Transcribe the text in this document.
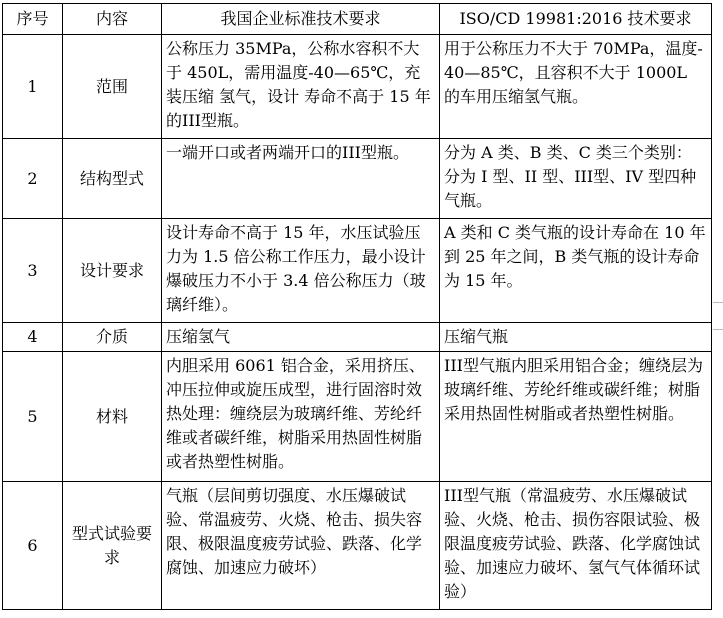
序号	内容	我国企业标准技术要求	ISO/CD 19981:2016 技术要求
1	范围	公称压力 35MPa，公称水容积不大于 450L，需用温度-40—65℃，充装压缩 氢气，设计 寿命不高于 15 年的III型瓶。	用于公称压力不大于 70MPa，温度-40—85℃，且容积不大于 1000L 的车用压缩氢气瓶。
2	结构型式	一端开口或者两端开口的III型瓶。	分为 A 类、B 类、C 类三个类别：分为 I 型、II 型、III型、IV 型四种气瓶。
3	设计要求	设计寿命不高于 15 年，水压试验压力为 1.5 倍公称工作压力，最小设计爆破压力不小于 3.4 倍公称压力（玻璃纤维）。	A 类和 C 类气瓶的设计寿命在 10 年到 25 年之间，B 类气瓶的设计寿命为 15 年。
4	介质	压缩氢气	压缩气瓶
5	材料	内胆采用 6061 铝合金，采用挤压、冲压拉伸或旋压成型，进行固溶时效热处理：缠绕层为玻璃纤维、芳纶纤维或者碳纤维，树脂采用热固性树脂或者热塑性树脂。	III型气瓶内胆采用铝合金；缠绕层为玻璃纤维、芳纶纤维或碳纤维；树脂采用热固性树脂或者热塑性树脂。
6	型式试验要求	气瓶（层间剪切强度、水压爆破试验、常温疲劳、火烧、枪击、损失容限、极限温度疲劳试验、跌落、化学腐蚀、加速应力破坏）	III型气瓶（常温疲劳、水压爆破试验、火烧、枪击、损伤容限试验、极限温度疲劳试验、跌落、化学腐蚀试验、加速应力破坏、氢气气体循环试验）
